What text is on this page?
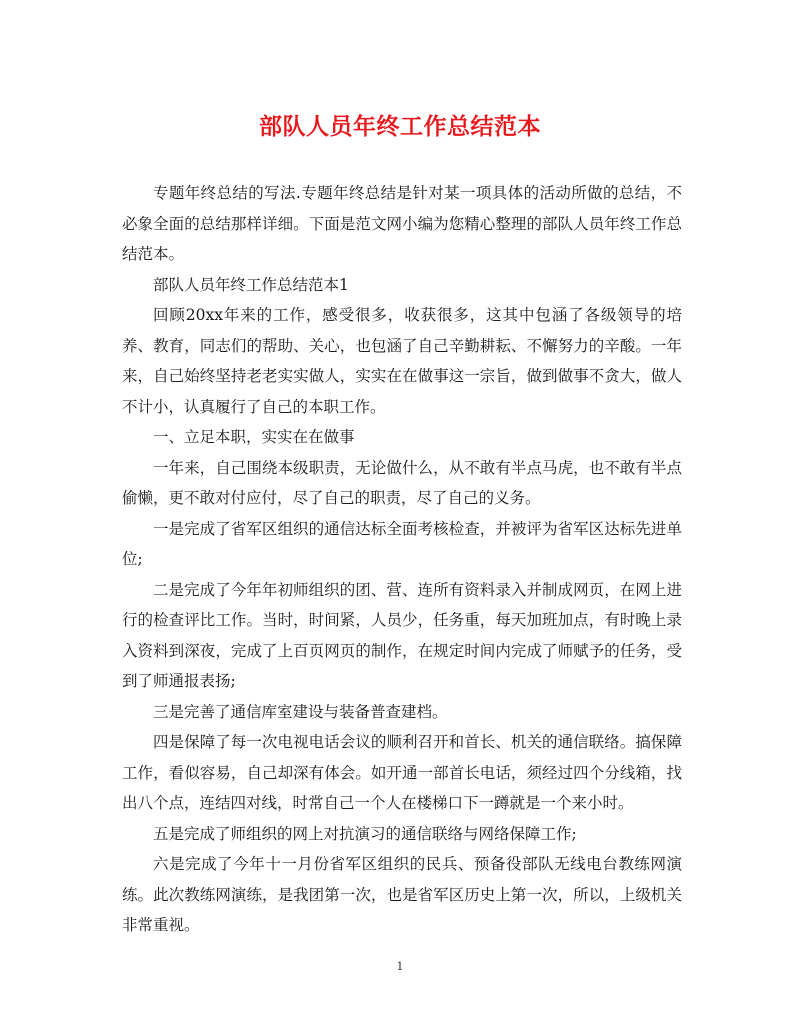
部队人员年终工作总结范本

专题年终总结的写法.专题年终总结是针对某一项具体的活动所做的总结，不必象全面的总结那样详细。下面是范文网小编为您精心整理的部队人员年终工作总结范本。

部队人员年终工作总结范本1

回顾20xx年来的工作，感受很多，收获很多，这其中包涵了各级领导的培养、教育，同志们的帮助、关心，也包涵了自己辛勤耕耘、不懈努力的辛酸。一年来，自己始终坚持老老实实做人，实实在在做事这一宗旨，做到做事不贪大，做人不计小，认真履行了自己的本职工作。

一、立足本职，实实在在做事

一年来，自己围绕本级职责，无论做什么，从不敢有半点马虎，也不敢有半点偷懒，更不敢对付应付，尽了自己的职责，尽了自己的义务。

一是完成了省军区组织的通信达标全面考核检查，并被评为省军区达标先进单位;

二是完成了今年年初师组织的团、营、连所有资料录入并制成网页，在网上进行的检查评比工作。当时，时间紧，人员少，任务重，每天加班加点，有时晚上录入资料到深夜，完成了上百页网页的制作，在规定时间内完成了师赋予的任务，受到了师通报表扬;

三是完善了通信库室建设与装备普查建档。

四是保障了每一次电视电话会议的顺利召开和首长、机关的通信联络。搞保障工作，看似容易，自己却深有体会。如开通一部首长电话，须经过四个分线箱，找出八个点，连结四对线，时常自己一个人在楼梯口下一蹲就是一个来小时。

五是完成了师组织的网上对抗演习的通信联络与网络保障工作;

六是完成了今年十一月份省军区组织的民兵、预备役部队无线电台教练网演练。此次教练网演练，是我团第一次，也是省军区历史上第一次，所以，上级机关非常重视。

1
